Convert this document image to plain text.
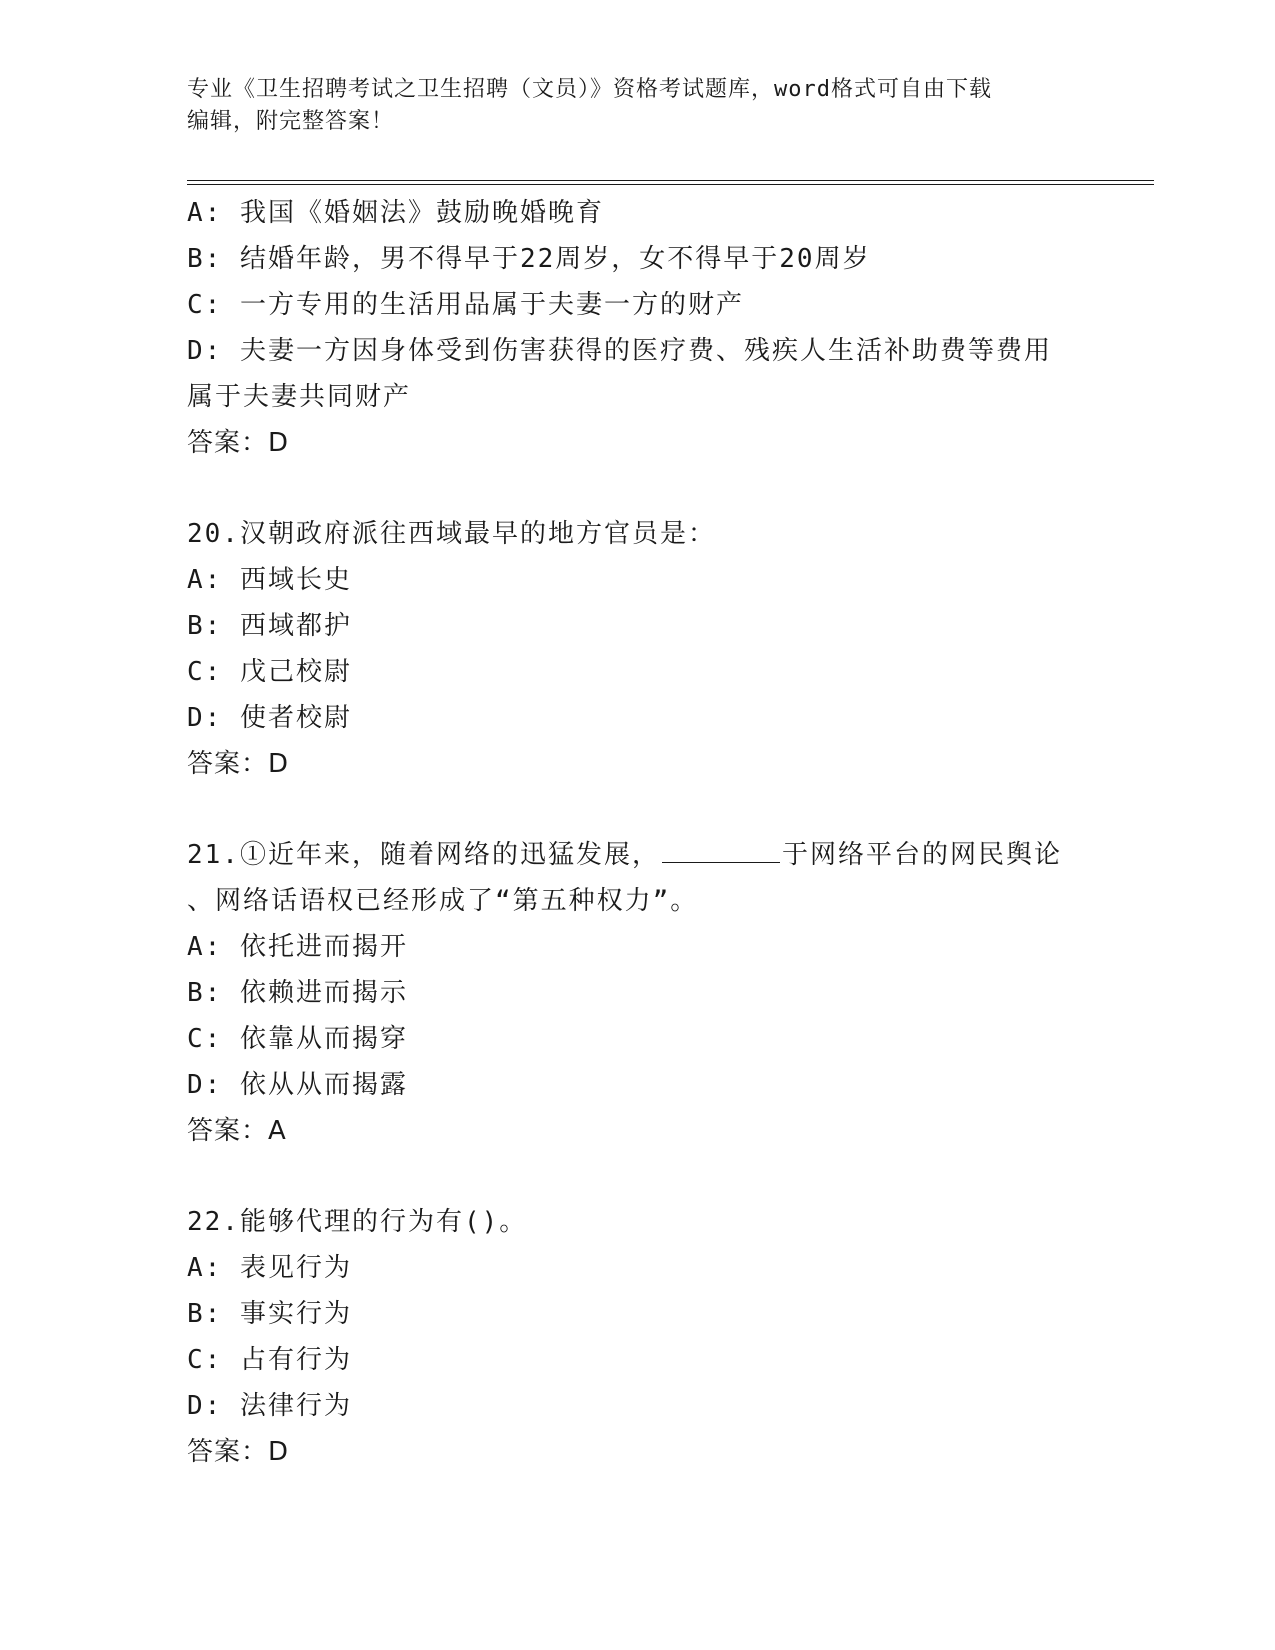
专业《卫生招聘考试之卫生招聘（文员）》资格考试题库，word格式可自由下载
编辑，附完整答案！

A: 我国《婚姻法》鼓励晚婚晚育

B: 结婚年龄，男不得早于22周岁，女不得早于20周岁

C: 一方专用的生活用品属于夫妻一方的财产

D: 夫妻一方因身体受到伤害获得的医疗费、残疾人生活补助费等费用

属于夫妻共同财产

答案：D

20.汉朝政府派往西域最早的地方官员是：

A: 西域长史

B: 西域都护

C: 戊己校尉

D: 使者校尉

答案：D

21.①近年来，随着网络的迅猛发展，	于网络平台的网民舆论

、网络话语权已经形成了“第五种权力”。

A: 依托进而揭开

B: 依赖进而揭示

C: 依靠从而揭穿

D: 依从从而揭露

答案：A

22.能够代理的行为有()。

A: 表见行为

B: 事实行为

C: 占有行为

D: 法律行为

答案：D
